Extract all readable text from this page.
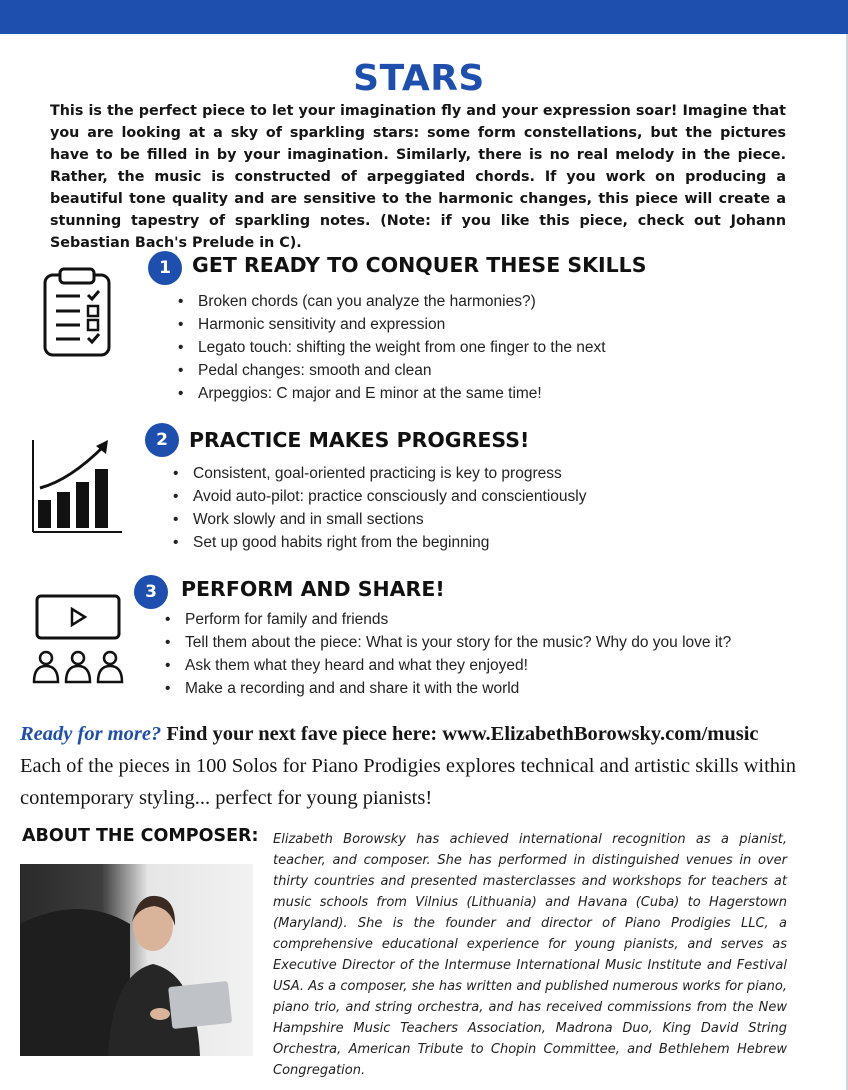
STARS
This is the perfect piece to let your imagination fly and your expression soar! Imagine that you are looking at a sky of sparkling stars: some form constellations, but the pictures have to be filled in by your imagination. Similarly, there is no real melody in the piece. Rather, the music is constructed of arpeggiated chords. If you work on producing a beautiful tone quality and are sensitive to the harmonic changes, this piece will create a stunning tapestry of sparkling notes. (Note: if you like this piece, check out Johann Sebastian Bach's Prelude in C).
1	GET READY TO CONQUER THESE SKILLS
• Broken chords (can you analyze the harmonies?)
• Harmonic sensitivity and expression
• Legato touch: shifting the weight from one finger to the next
• Pedal changes: smooth and clean
• Arpeggios: C major and E minor at the same time!
2	PRACTICE MAKES PROGRESS!
• Consistent, goal-oriented practicing is key to progress
• Avoid auto-pilot: practice consciously and conscientiously
• Work slowly and in small sections
• Set up good habits right from the beginning
3	PERFORM AND SHARE!
• Perform for family and friends
• Tell them about the piece: What is your story for the music? Why do you love it?
• Ask them what they heard and what they enjoyed!
• Make a recording and and share it with the world
Ready for more? Find your next fave piece here: www.ElizabethBorowsky.com/music
Each of the pieces in 100 Solos for Piano Prodigies explores technical and artistic skills within contemporary styling... perfect for young pianists!
ABOUT THE COMPOSER: Elizabeth Borowsky has achieved international recognition as a pianist, teacher, and composer. She has performed in distinguished venues in over thirty countries and presented masterclasses and workshops for teachers at music schools from Vilnius (Lithuania) and Havana (Cuba) to Hagerstown (Maryland). She is the founder and director of Piano Prodigies LLC, a comprehensive educational experience for young pianists, and serves as Executive Director of the Intermuse International Music Institute and Festival USA. As a composer, she has written and published numerous works for piano, piano trio, and string orchestra, and has received commissions from the New Hampshire Music Teachers Association, Madrona Duo, King David String Orchestra, American Tribute to Chopin Committee, and Bethlehem Hebrew Congregation.
